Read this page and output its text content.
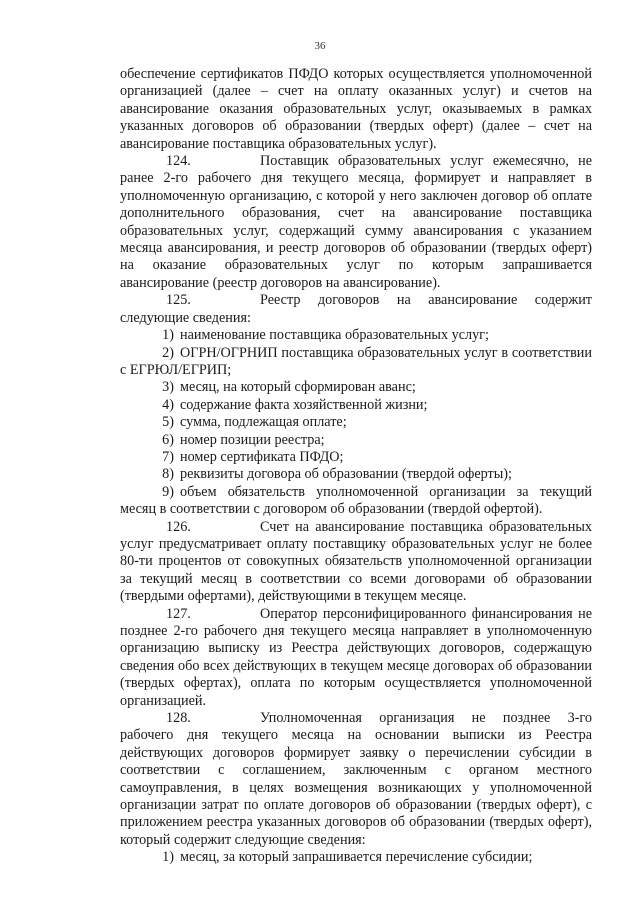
36

обеспечение сертификатов ПФДО которых осуществляется уполномоченной организацией (далее – счет на оплату оказанных услуг) и счетов на авансирование оказания образовательных услуг, оказываемых в рамках указанных договоров об образовании (твердых оферт) (далее – счет на авансирование поставщика образовательных услуг).

124.	Поставщик образовательных услуг ежемесячно, не ранее 2-го рабочего дня текущего месяца, формирует и направляет в уполномоченную организацию, с которой у него заключен договор об оплате дополнительного образования, счет на авансирование поставщика образовательных услуг, содержащий сумму авансирования с указанием месяца авансирования, и реестр договоров об образовании (твердых оферт) на оказание образовательных услуг по которым запрашивается авансирование (реестр договоров на авансирование).

125.	Реестр договоров на авансирование содержит следующие сведения:

1) наименование поставщика образовательных услуг;

2) ОГРН/ОГРНИП поставщика образовательных услуг в соответствии с ЕГРЮЛ/ЕГРИП;

3) месяц, на который сформирован аванс;

4) содержание факта хозяйственной жизни;

5) сумма, подлежащая оплате;

6) номер позиции реестра;

7) номер сертификата ПФДО;

8) реквизиты договора об образовании (твердой оферты);

9) объем обязательств уполномоченной организации за текущий месяц в соответствии с договором об образовании (твердой офертой).

126.	Счет на авансирование поставщика образовательных услуг предусматривает оплату поставщику образовательных услуг не более 80-ти процентов от совокупных обязательств уполномоченной организации за текущий месяц в соответствии со всеми договорами об образовании (твердыми офертами), действующими в текущем месяце.

127.	Оператор персонифицированного финансирования не позднее 2-го рабочего дня текущего месяца направляет в уполномоченную организацию выписку из Реестра действующих договоров, содержащую сведения обо всех действующих в текущем месяце договорах об образовании (твердых офертах), оплата по которым осуществляется уполномоченной организацией.

128.	Уполномоченная организация не позднее 3-го рабочего дня текущего месяца на основании выписки из Реестра действующих договоров формирует заявку о перечислении субсидии в соответствии с соглашением, заключенным с органом местного самоуправления, в целях возмещения возникающих у уполномоченной организации затрат по оплате договоров об образовании (твердых оферт), с приложением реестра указанных договоров об образовании (твердых оферт), который содержит следующие сведения:

1) месяц, за который запрашивается перечисление субсидии;
